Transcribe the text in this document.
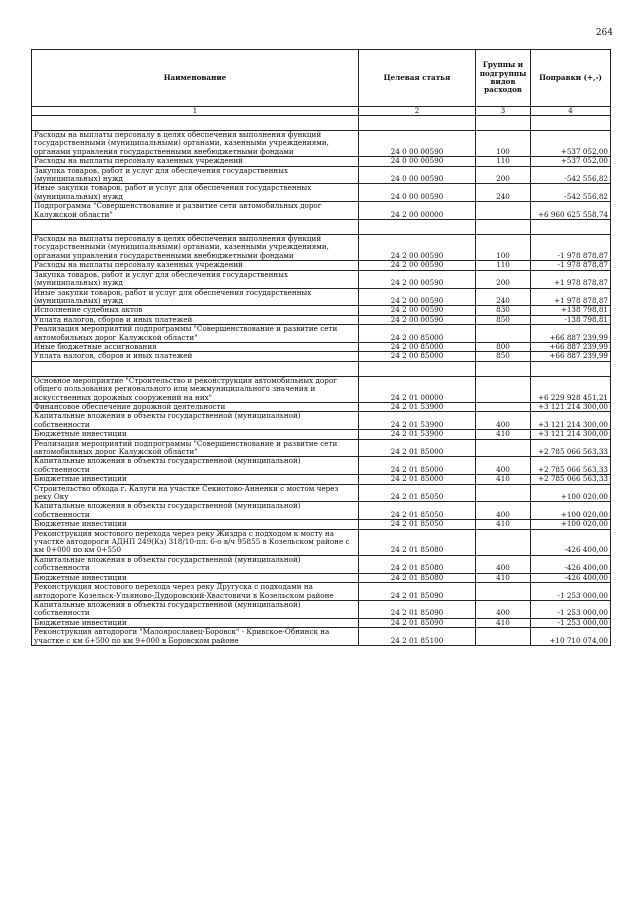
264
Наименование	Целевая статья	Группы и подгруппы видов расходов	Поправки (+,-)
1	2	3	4

Расходы на выплаты персоналу в целях обеспечения выполнения функций государственными (муниципальными) органами, казенными учреждениями, органами управления государственными внебюджетными фондами	24 0 00 00590	100	+537 052,00
Расходы на выплаты персоналу казенных учреждений	24 0 00 00590	110	+537 052,00
Закупка товаров, работ и услуг для обеспечения государственных (муниципальных) нужд	24 0 00 00590	200	-542 556,82
Иные закупки товаров, работ и услуг для обеспечения государственных (муниципальных) нужд	24 0 00 00590	240	-542 556,82
Подпрограмма "Совершенствование и развитие сети автомобильных дорог Калужской области"	24 2 00 00000		+6 960 625 558,74

Расходы на выплаты персоналу в целях обеспечения выполнения функций государственными (муниципальными) органами, казенными учреждениями, органами управления государственными внебюджетными фондами	24 2 00 00590	100	-1 978 878,87
Расходы на выплаты персоналу казенных учреждений	24 2 00 00590	110	-1 978 878,87
Закупка товаров, работ и услуг для обеспечения государственных (муниципальных) нужд	24 2 00 00590	200	+1 978 878,87
Иные закупки товаров, работ и услуг для обеспечения государственных (муниципальных) нужд	24 2 00 00590	240	+1 978 878,87
Исполнение судебных актов	24 2 00 00590	830	+138 798,81
Уплата налогов, сборов и иных платежей	24 2 00 00590	850	-138 798,81
Реализация мероприятий подпрограммы "Совершенствование и развитие сети автомобильных дорог Калужской области"	24 2 00 85000		+66 887 239,99
Иные бюджетные ассигнования	24 2 00 85000	800	+66 887 239,99
Уплата налогов, сборов и иных платежей	24 2 00 85000	850	+66 887 239,99

Основное мероприятие "Строительство и реконструкция автомобильных дорог общего пользования регионального или межмуниципального значения и искусственных дорожных сооружений на них"	24 2 01 00000		+6 229 928 451,21
Финансовое обеспечение дорожной деятельности	24 2 01 53900		+3 121 214 300,00
Капитальные вложения в объекты государственной (муниципальной) собственности	24 2 01 53900	400	+3 121 214 300,00
Бюджетные инвестиции	24 2 01 53900	410	+3 121 214 300,00
Реализация мероприятий подпрограммы "Совершенствование и развитие сети автомобильных дорог Калужской области"	24 2 01 85000		+2 785 066 563,33
Капитальные вложения в объекты государственной (муниципальной) собственности	24 2 01 85000	400	+2 785 066 563,33
Бюджетные инвестиции	24 2 01 85000	410	+2 785 066 563,33
Строительство обхода г. Калуги на участке Секиотово-Анненки с мостом через реку Оку	24 2 01 85050		+100 020,00
Капитальные вложения в объекты государственной (муниципальной) собственности	24 2 01 85050	400	+100 020,00
Бюджетные инвестиции	24 2 01 85050	410	+100 020,00
Реконструкция мостового перехода через реку Жиздра с подходом к мосту на участке автодороги АДНП 249(Кз) 318/10-пл. 6-о в/ч 95855 в Козельском районе с км 0+000 по км 0+550	24 2 01 85080		-426 400,00
Капитальные вложения в объекты государственной (муниципальной) собственности	24 2 01 85080	400	-426 400,00
Бюджетные инвестиции	24 2 01 85080	410	-426 400,00
Реконструкция мостового перехода через реку Другуска с подходами на автодороге Козельск-Ульяново-Дудоровский-Хвастовичи в Козельском районе	24 2 01 85090		-1 253 000,00
Капитальные вложения в объекты государственной (муниципальной) собственности	24 2 01 85090	400	-1 253 000,00
Бюджетные инвестиции	24 2 01 85090	410	-1 253 000,00
Реконструкция автодороги "Малоярославец-Боровск" - Кривское-Обнинск на участке с км 6+500 по км 9+000 в Боровском районе	24 2 01 85100		+10 710 074,00
